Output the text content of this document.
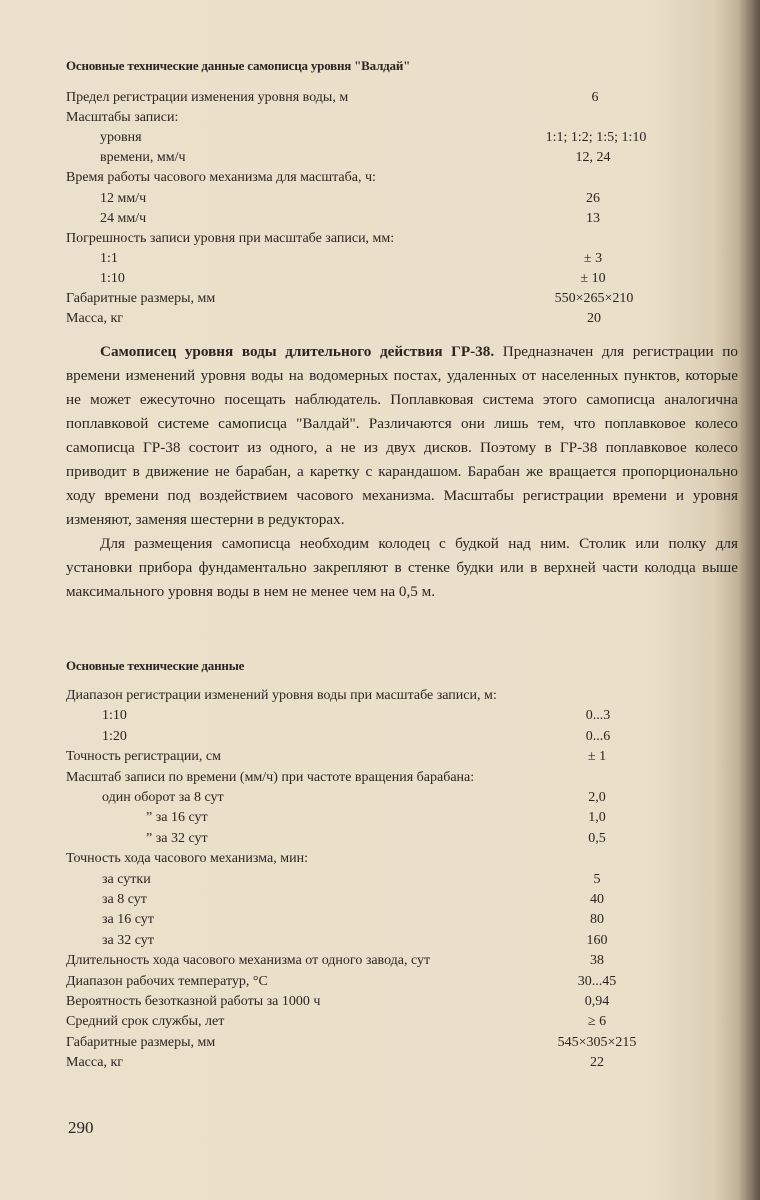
Основные технические данные самописца уровня "Валдай"
Предел регистрации изменения уровня воды, м	6
Масштабы записи:
уровня	1:1; 1:2; 1:5; 1:10
времени, мм/ч	12, 24
Время работы часового механизма для масштаба, ч:
12 мм/ч	26
24 мм/ч	13
Погрешность записи уровня при масштабе записи, мм:
1:1	± 3
1:10	± 10
Габаритные размеры, мм	550×265×210
Масса, кг	20

Самописец уровня воды длительного действия ГР-38. Предназначен для регистрации по времени изменений уровня воды на водомерных постах, удаленных от населенных пунктов, которые не может ежесуточно посещать наблюдатель. Поплавковая система этого самописца аналогична поплавковой системе самописца "Валдай". Различаются они лишь тем, что поплавковое колесо самописца ГР-38 состоит из одного, а не из двух дисков. Поэтому в ГР-38 поплавковое колесо приводит в движение не барабан, а каретку с карандашом. Барабан же вращается пропорционально ходу времени под воздействием часового механизма. Масштабы регистрации времени и уровня изменяют, заменяя шестерни в редукторах.

Для размещения самописца необходим колодец с будкой над ним. Столик или полку для установки прибора фундаментально закрепляют в стенке будки или в верхней части колодца выше максимального уровня воды в нем не менее чем на 0,5 м.

Основные технические данные
Диапазон регистрации изменений уровня воды при масштабе записи, м:
1:10	0...3
1:20	0...6
Точность регистрации, см	± 1
Масштаб записи по времени (мм/ч) при частоте вращения барабана:
один оборот за 8 сут	2,0
” за 16 сут	1,0
” за 32 сут	0,5
Точность хода часового механизма, мин:
за сутки	5
за 8 сут	40
за 16 сут	80
за 32 сут	160
Длительность хода часового механизма от одного завода, сут	38
Диапазон рабочих температур, °С	30...45
Вероятность безотказной работы за 1000 ч	0,94
Средний срок службы, лет	≥ 6
Габаритные размеры, мм	545×305×215
Масса, кг	22
290
